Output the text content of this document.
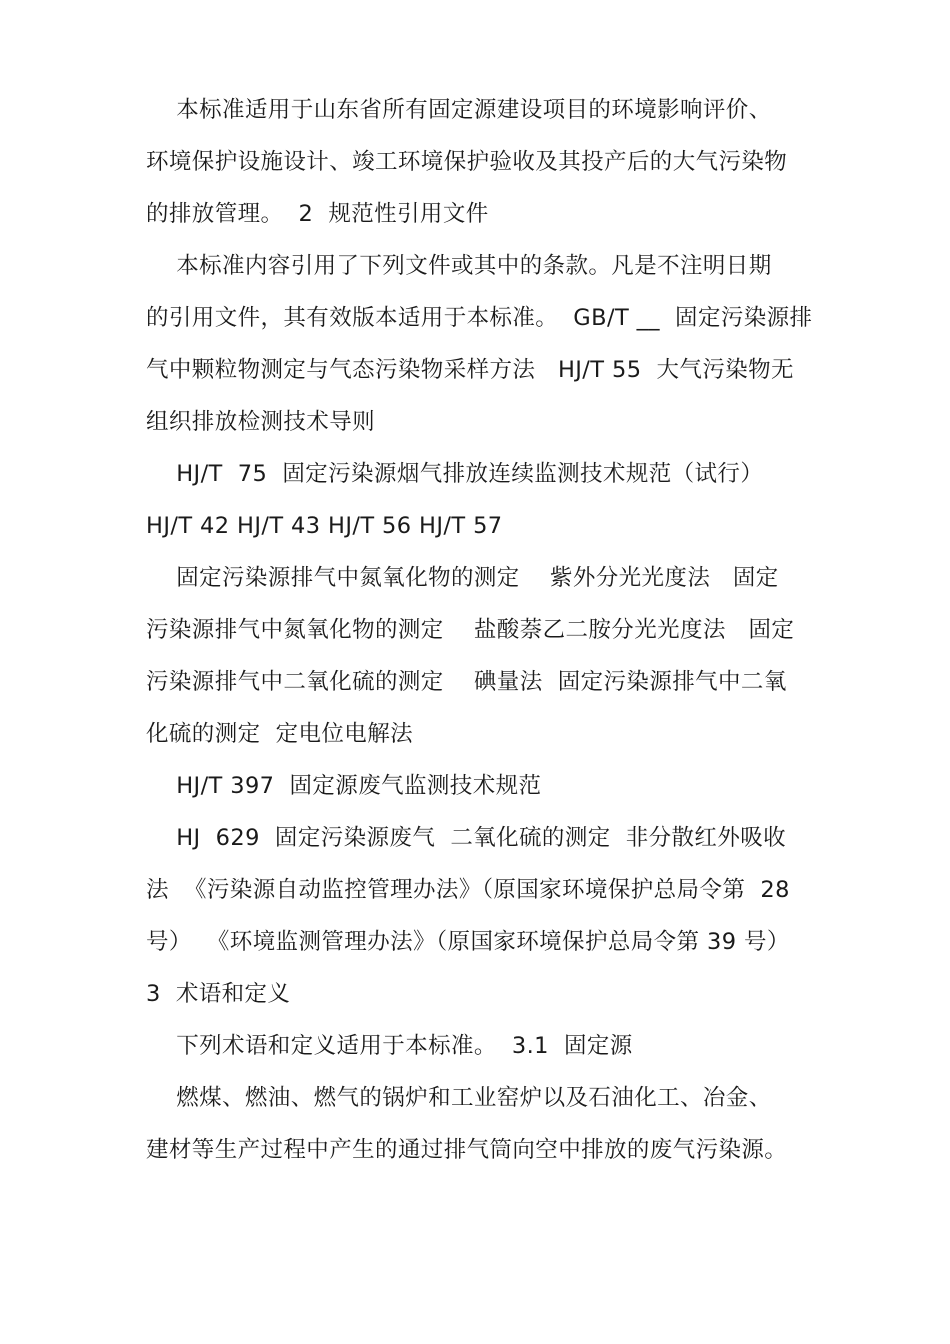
本标准适用于山东省所有固定源建设项目的环境影响评价、
环境保护设施设计、竣工环境保护验收及其投产后的大气污染物
的排放管理。  2  规范性引用文件
本标准内容引用了下列文件或其中的条款。凡是不注明日期
的引用文件，其有效版本适用于本标准。  GB/T __  固定污染源排
气中颗粒物测定与气态污染物采样方法   HJ/T 55  大气污染物无
组织排放检测技术导则
HJ/T  75  固定污染源烟气排放连续监测技术规范（试行）
HJ/T 42 HJ/T 43 HJ/T 56 HJ/T 57
固定污染源排气中氮氧化物的测定    紫外分光光度法   固定
污染源排气中氮氧化物的测定    盐酸萘乙二胺分光光度法   固定
污染源排气中二氧化硫的测定    碘量法  固定污染源排气中二氧
化硫的测定  定电位电解法
HJ/T 397  固定源废气监测技术规范
HJ  629  固定污染源废气  二氧化硫的测定  非分散红外吸收
法  《污染源自动监控管理办法》（原国家环境保护总局令第  28
号）  《环境监测管理办法》（原国家环境保护总局令第 39 号）
3  术语和定义
下列术语和定义适用于本标准。  3.1  固定源
燃煤、燃油、燃气的锅炉和工业窑炉以及石油化工、冶金、
建材等生产过程中产生的通过排气筒向空中排放的废气污染源。
